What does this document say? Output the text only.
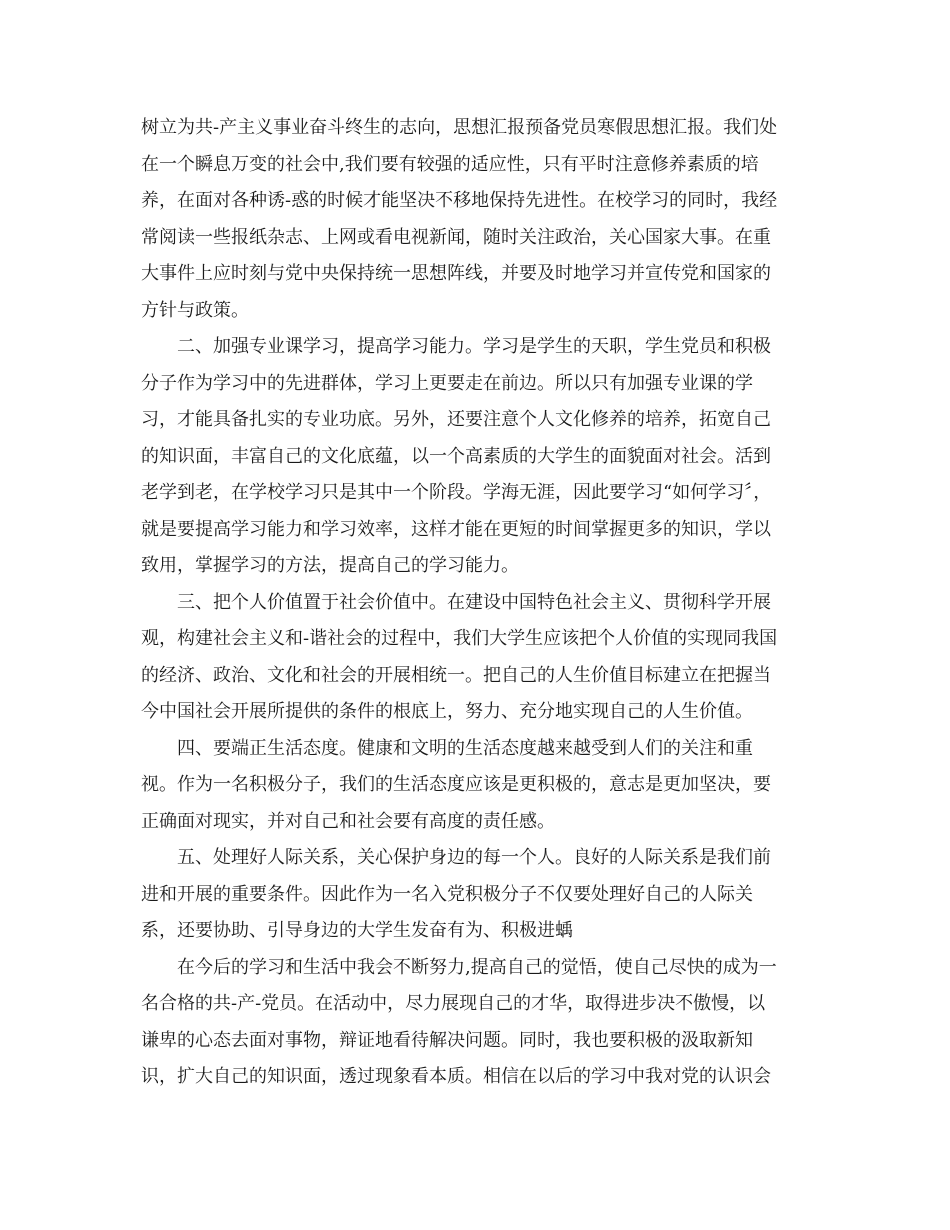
树立为共-产主义事业奋斗终生的志向，思想汇报预备党员寒假思想汇报。我们处
在一个瞬息万变的社会中,我们要有较强的适应性，只有平时注意修养素质的培
养，在面对各种诱-惑的时候才能坚决不移地保持先进性。在校学习的同时，我经
常阅读一些报纸杂志、上网或看电视新闻，随时关注政治，关心国家大事。在重
大事件上应时刻与党中央保持统一思想阵线，并要及时地学习并宣传党和国家的
方针与政策。

　　二、加强专业课学习，提高学习能力。学习是学生的天职，学生党员和积极
分子作为学习中的先进群体，学习上更要走在前边。所以只有加强专业课的学
习，才能具备扎实的专业功底。另外，还要注意个人文化修养的培养，拓宽自己
的知识面，丰富自己的文化底蕴，以一个高素质的大学生的面貌面对社会。活到
老学到老，在学校学习只是其中一个阶段。学海无涯，因此要学习“如何学习〞，
就是要提高学习能力和学习效率，这样才能在更短的时间掌握更多的知识，学以
致用，掌握学习的方法，提高自己的学习能力。

　　三、把个人价值置于社会价值中。在建设中国特色社会主义、贯彻科学开展
观，构建社会主义和-谐社会的过程中，我们大学生应该把个人价值的实现同我国
的经济、政治、文化和社会的开展相统一。把自己的人生价值目标建立在把握当
今中国社会开展所提供的条件的根底上，努力、充分地实现自己的人生价值。

　　四、要端正生活态度。健康和文明的生活态度越来越受到人们的关注和重
视。作为一名积极分子，我们的生活态度应该是更积极的，意志是更加坚决，要
正确面对现实，并对自己和社会要有高度的责任感。

　　五、处理好人际关系，关心保护身边的每一个人。良好的人际关系是我们前
进和开展的重要条件。因此作为一名入党积极分子不仅要处理好自己的人际关
系，还要协助、引导身边的大学生发奋有为、积极进蝺

　　在今后的学习和生活中我会不断努力,提高自己的觉悟，使自己尽快的成为一
名合格的共-产-党员。在活动中，尽力展现自己的才华，取得进步决不傲慢，以
谦卑的心态去面对事物，辩证地看待解决问题。同时，我也要积极的汲取新知
识，扩大自己的知识面，透过现象看本质。相信在以后的学习中我对党的认识会
